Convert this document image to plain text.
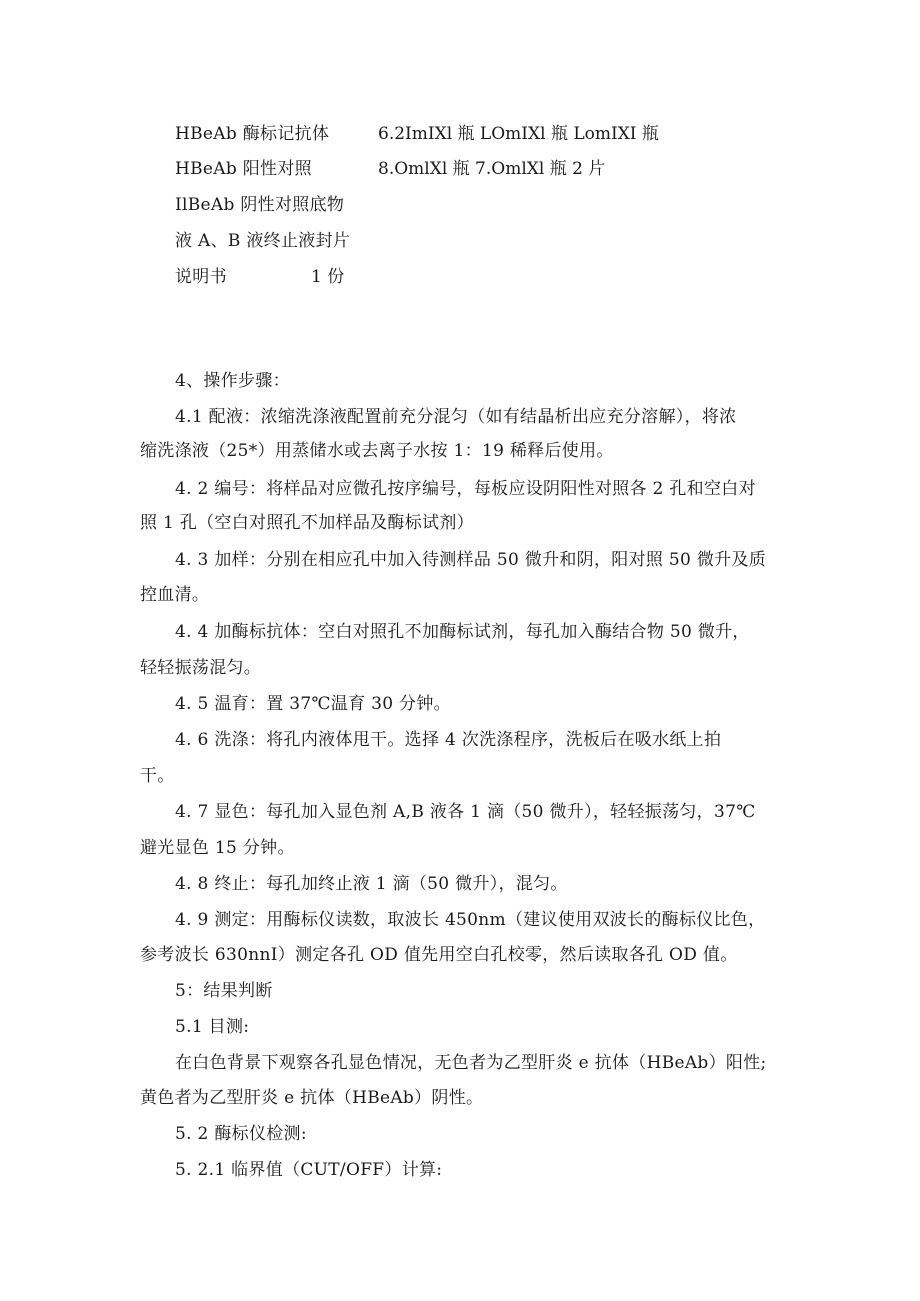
HBeAb 酶标记抗体	6.2ImIXl 瓶 LOmIXl 瓶 LomIXI 瓶
HBeAb 阳性对照	8.OmlXl 瓶 7.OmlXl 瓶 2 片
IlBeAb 阴性对照底物
液 A、B 液终止液封片
说明书	1 份
4、操作步骤：
4.1 配液：浓缩洗涤液配置前充分混匀（如有结晶析出应充分溶解），将浓
缩洗涤液（25*）用蒸储水或去离子水按 1：19 稀释后使用。
4. 2 编号：将样品对应微孔按序编号，每板应设阴阳性对照各 2 孔和空白对
照 1 孔（空白对照孔不加样品及酶标试剂）
4. 3 加样：分别在相应孔中加入待测样品 50 微升和阴，阳对照 50 微升及质
控血清。
4. 4 加酶标抗体：空白对照孔不加酶标试剂，每孔加入酶结合物 50 微升，
轻轻振荡混匀。
4. 5 温育：置 37℃温育 30 分钟。
4. 6 洗涤：将孔内液体甩干。选择 4 次洗涤程序，洗板后在吸水纸上拍
干。
4. 7 显色：每孔加入显色剂 A,B 液各 1 滴（50 微升），轻轻振荡匀，37℃
避光显色 15 分钟。
4. 8 终止：每孔加终止液 1 滴（50 微升），混匀。
4. 9 测定：用酶标仪读数，取波长 450nm（建议使用双波长的酶标仪比色，
参考波长 630nnI）测定各孔 OD 值先用空白孔校零，然后读取各孔 OD 值。
5：结果判断
5.1 目测:
在白色背景下观察各孔显色情况，无色者为乙型肝炎 e 抗体（HBeAb）阳性;
黄色者为乙型肝炎 e 抗体（HBeAb）阴性。
5. 2 酶标仪检测:
5. 2.1 临界值（CUT/OFF）计算:
